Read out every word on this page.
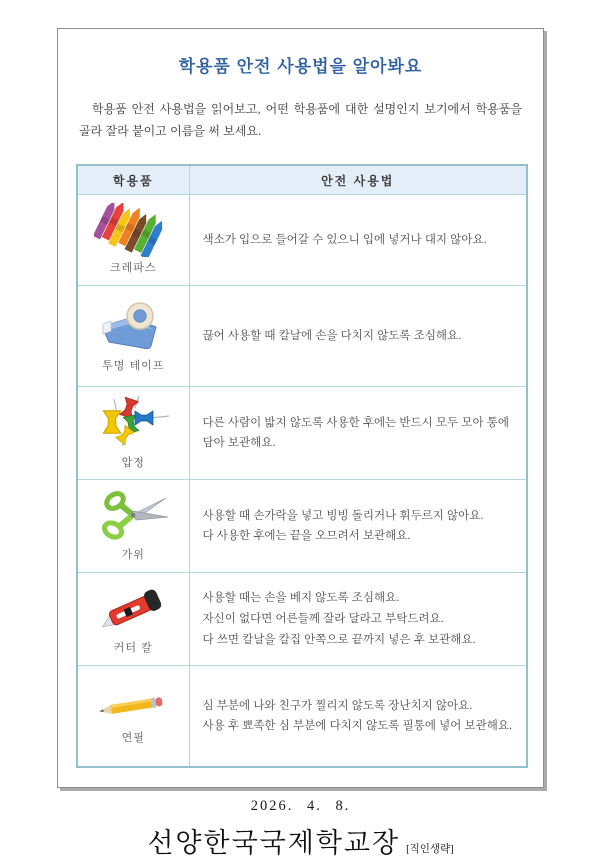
학용품 안전 사용법을 알아봐요

학용품 안전 사용법을 읽어보고, 어떤 학용품에 대한 설명인지 보기에서 학용품을 골라 잘라 붙이고 이름을 써 보세요.

학용품	안전 사용법

크레파스	색소가 입으로 들어갈 수 있으니 입에 넣거나 대지 않아요.

투명 테이프	끊어 사용할 때 칼날에 손을 다치지 않도록 조심해요.

압정	다른 사람이 밟지 않도록 사용한 후에는 반드시 모두 모아 통에 담아 보관해요.

가위	사용할 때 손가락을 넣고 빙빙 돌리거나 휘두르지 않아요.
다 사용한 후에는 끝을 오므려서 보관해요.

커터 칼	사용할 때는 손을 베지 않도록 조심해요.
자신이 없다면 어른들께 잘라 달라고 부탁드려요.
다 쓰면 칼날을 칼집 안쪽으로 끝까지 넣은 후 보관해요.

연필	심 부분에 나와 친구가 찔리지 않도록 장난치지 않아요.
사용 후 뾰족한 심 부분에 다치지 않도록 필통에 넣어 보관해요.
2026. 4. 8.
선양한국국제학교장 [직인생략]
